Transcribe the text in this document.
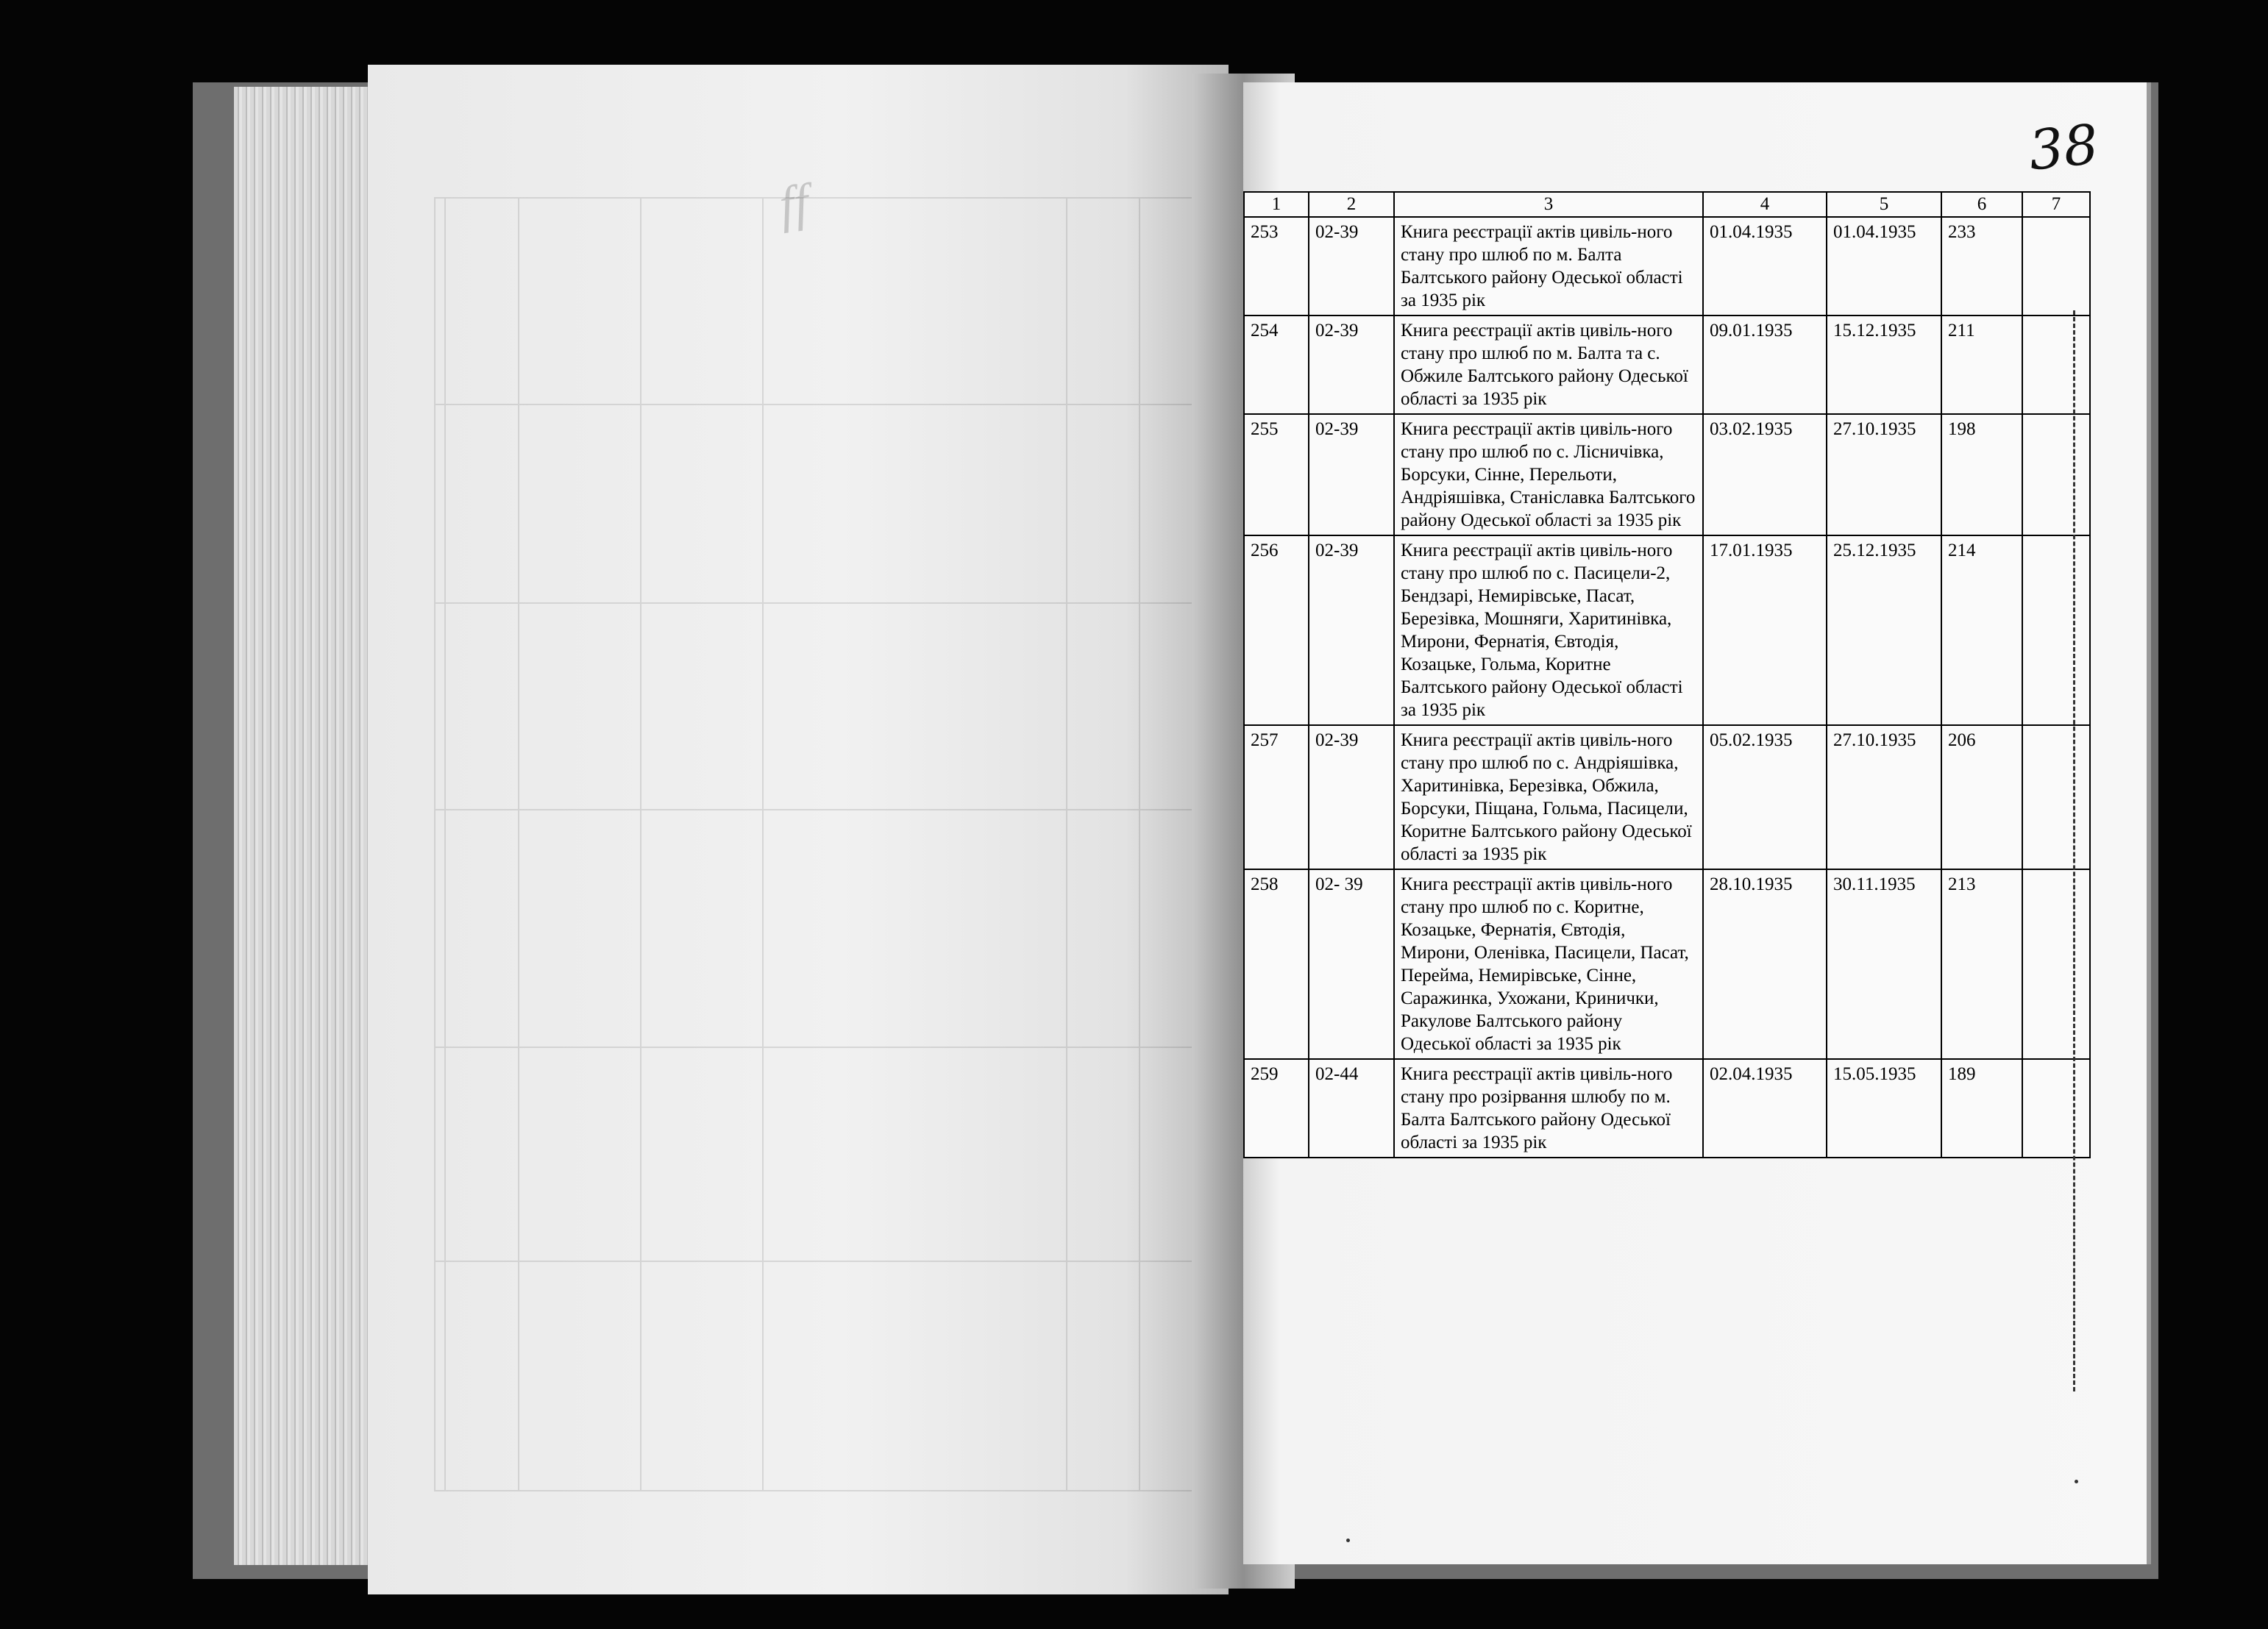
ff

38
1	2	3	4	5	6	7
253	02-39	Книга реєстрації актів цивіль-ного стану про шлюб по м. Балта Балтського району Одеської області за 1935 рік	01.04.1935	01.04.1935	233	
254	02-39	Книга реєстрації актів цивіль-ного стану про шлюб по м. Балта та с. Обжиле Балтського району Одеської області за 1935 рік	09.01.1935	15.12.1935	211	
255	02-39	Книга реєстрації актів цивіль-ного стану про шлюб по с. Лісничівка, Борсуки, Сінне, Перельоти, Андріяшівка, Станіславка Балтського району Одеської області за 1935 рік	03.02.1935	27.10.1935	198	
256	02-39	Книга реєстрації актів цивіль-ного стану про шлюб по с. Пасицели-2, Бендзарі, Немирівське, Пасат, Березівка, Мошняги, Харитинівка, Мирони, Фернатія, Євтодія, Козацьке, Гольма, Коритне Балтського району Одеської області за 1935 рік	17.01.1935	25.12.1935	214	
257	02-39	Книга реєстрації актів цивіль-ного стану про шлюб по с. Андріяшівка, Харитинівка, Березівка, Обжила, Борсуки, Піщана, Гольма, Пасицели, Коритне Балтського району Одеської області за 1935 рік	05.02.1935	27.10.1935	206	
258	02- 39	Книга реєстрації актів цивіль-ного стану про шлюб по с. Коритне, Козацьке, Фернатія, Євтодія, Мирони, Оленівка, Пасицели, Пасат, Перейма, Немирівське, Сінне, Саражинка, Ухожани, Кринички, Ракулове Балтського району Одеської області за 1935 рік	28.10.1935	30.11.1935	213	
259	02-44	Книга реєстрації актів цивіль-ного стану про розірвання шлюбу по м. Балта Балтського району Одеської області за 1935 рік	02.04.1935	15.05.1935	189	
